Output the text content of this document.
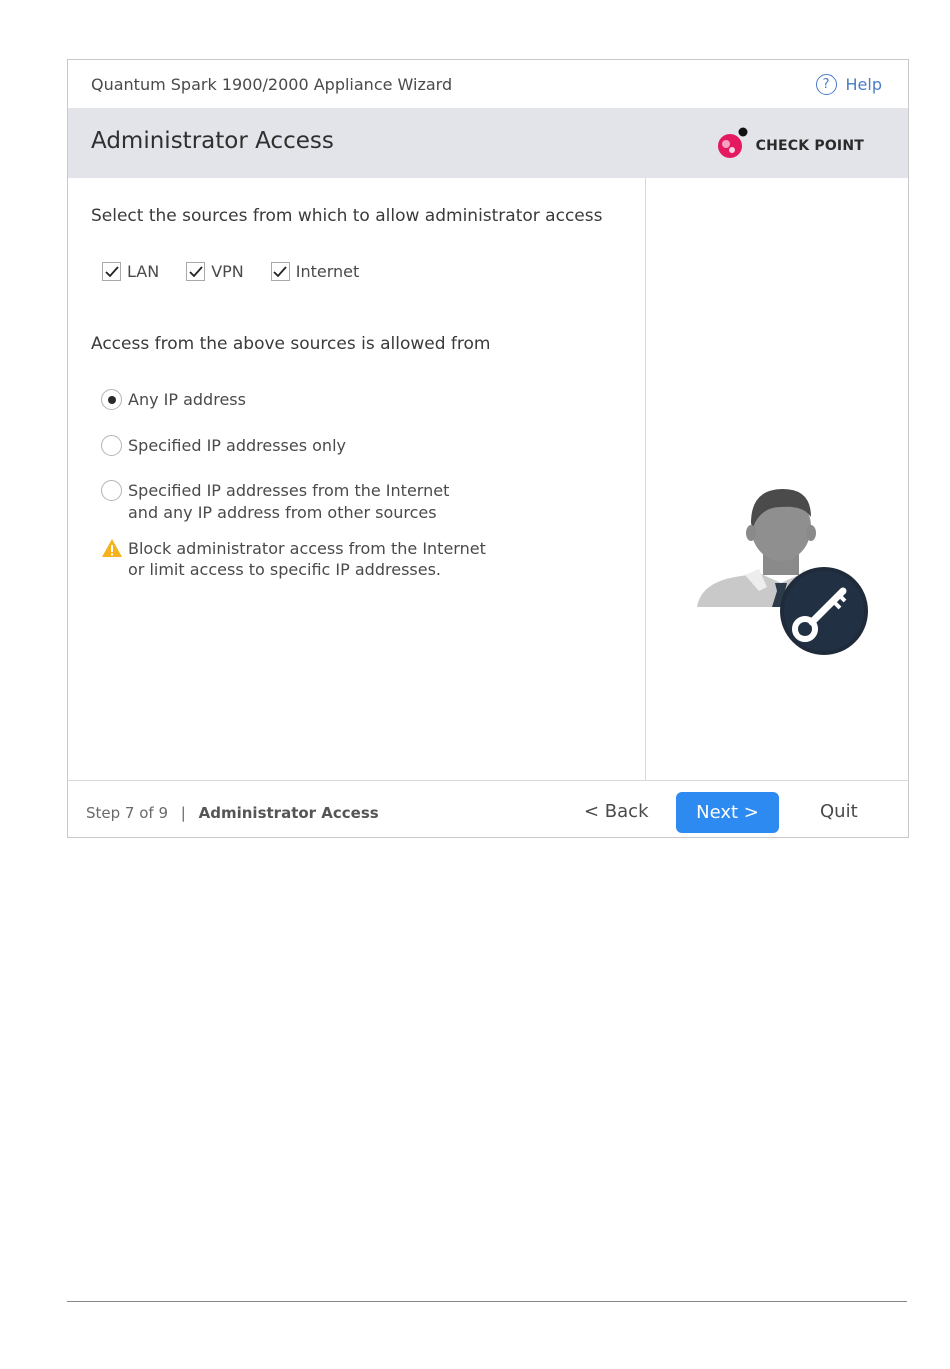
Quantum Spark 1900/2000 Appliance Wizard	?	Help
Administrator Access	CHECK POINT
Select the sources from which to allow administrator access
LAN	VPN	Internet
Access from the above sources is allowed from
Any IP address
Specified IP addresses only
Specified IP addresses from the Internet
and any IP address from other sources
Block administrator access from the Internet
or limit access to specific IP addresses.
Step 7 of 9 | Administrator Access	< Back	Next >	Quit
